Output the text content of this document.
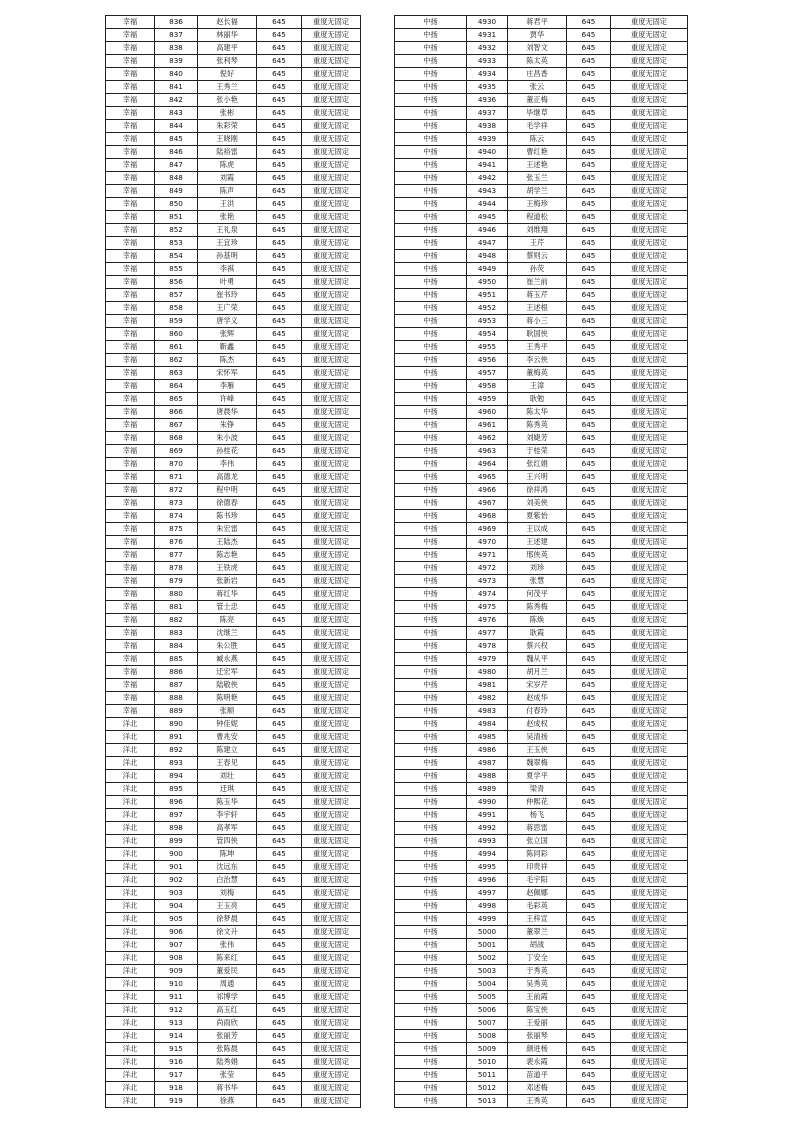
幸福	836	赵长福	645	重度无固定
幸福	837	林丽华	645	重度无固定
幸福	838	高建平	645	重度无固定
幸福	839	张利琴	645	重度无固定
幸福	840	倪好	645	重度无固定
幸福	841	王秀兰	645	重度无固定
幸福	842	张小艳	645	重度无固定
幸福	843	张彬	645	重度无固定
幸福	844	朱彩荣	645	重度无固定
幸福	845	王晓刚	645	重度无固定
幸福	846	陆裕雷	645	重度无固定
幸福	847	陈虎	645	重度无固定
幸福	848	刘霞	645	重度无固定
幸福	849	陈声	645	重度无固定
幸福	850	王洪	645	重度无固定
幸福	851	张艳	645	重度无固定
幸福	852	王礼泉	645	重度无固定
幸福	853	王宜珍	645	重度无固定
幸福	854	孙基明	645	重度无固定
幸福	855	李祺	645	重度无固定
幸福	856	叶勇	645	重度无固定
幸福	857	崔书玲	645	重度无固定
幸福	858	王广荣	645	重度无固定
幸福	859	唐学义	645	重度无固定
幸福	860	张辉	645	重度无固定
幸福	861	靳鑫	645	重度无固定
幸福	862	陈杰	645	重度无固定
幸福	863	宋怀军	645	重度无固定
幸福	864	李雁	645	重度无固定
幸福	865	许峰	645	重度无固定
幸福	866	唐晨华	645	重度无固定
幸福	867	朱铮	645	重度无固定
幸福	868	朱小波	645	重度无固定
幸福	869	孙桂花	645	重度无固定
幸福	870	李伟	645	重度无固定
幸福	871	高德龙	645	重度无固定
幸福	872	程中明	645	重度无固定
幸福	873	徐德春	645	重度无固定
幸福	874	陈书珍	645	重度无固定
幸福	875	朱宏雷	645	重度无固定
幸福	876	王陆杰	645	重度无固定
幸福	877	陈志艳	645	重度无固定
幸福	878	王铁虎	645	重度无固定
幸福	879	张新岩	645	重度无固定
幸福	880	蒋红华	645	重度无固定
幸福	881	管士忠	645	重度无固定
幸福	882	陈亮	645	重度无固定
幸福	883	沈继兰	645	重度无固定
幸福	884	朱公胜	645	重度无固定
幸福	885	臧永燕	645	重度无固定
幸福	886	迁宏军	645	重度无固定
幸福	887	陆敬侠	645	重度无固定
幸福	888	陈明艳	645	重度无固定
幸福	889	张顺	645	重度无固定
洋北	890	钟佳妮	645	重度无固定
洋北	891	曹兆安	645	重度无固定
洋北	892	陈建立	645	重度无固定
洋北	893	王春见	645	重度无固定
洋北	894	刘壮	645	重度无固定
洋北	895	迁琪	645	重度无固定
洋北	896	陈玉华	645	重度无固定
洋北	897	李宇轩	645	重度无固定
洋北	898	高孝军	645	重度无固定
洋北	899	管四侠	645	重度无固定
洋北	900	陈坤	645	重度无固定
洋北	901	沈远东	645	重度无固定
洋北	902	白治慧	645	重度无固定
洋北	903	刘梅	645	重度无固定
洋北	904	王玉亮	645	重度无固定
洋北	905	徐梦晨	645	重度无固定
洋北	906	徐文升	645	重度无固定
洋北	907	张伟	645	重度无固定
洋北	908	陈来红	645	重度无固定
洋北	909	董爱民	645	重度无固定
洋北	910	周通	645	重度无固定
洋北	911	祁博学	645	重度无固定
洋北	912	高玉红	645	重度无固定
洋北	913	尚雨欣	645	重度无固定
洋北	914	张丽芳	645	重度无固定
洋北	915	张陈晨	645	重度无固定
洋北	916	陆秀娟	645	重度无固定
洋北	917	张莹	645	重度无固定
洋北	918	蒋书华	645	重度无固定
洋北	919	徐燕	645	重度无固定
中扬	4930	蒋君平	645	重度无固定
中扬	4931	贾华	645	重度无固定
中扬	4932	刘智文	645	重度无固定
中扬	4933	陈太英	645	重度无固定
中扬	4934	庄昌香	645	重度无固定
中扬	4935	张云	645	重度无固定
中扬	4936	董正梅	645	重度无固定
中扬	4937	毕继草	645	重度无固定
中扬	4938	毛学祥	645	重度无固定
中扬	4939	陈云	645	重度无固定
中扬	4940	曹红艳	645	重度无固定
中扬	4941	王述艳	645	重度无固定
中扬	4942	张玉兰	645	重度无固定
中扬	4943	胡学兰	645	重度无固定
中扬	4944	王梅珍	645	重度无固定
中扬	4945	程道松	645	重度无固定
中扬	4946	刘维翔	645	重度无固定
中扬	4947	王芹	645	重度无固定
中扬	4948	蔡则云	645	重度无固定
中扬	4949	孙荧	645	重度无固定
中扬	4950	崔兰前	645	重度无固定
中扬	4951	蒋玉芹	645	重度无固定
中扬	4952	王述根	645	重度无固定
中扬	4953	蒋小三	645	重度无固定
中扬	4954	耿国侠	645	重度无固定
中扬	4955	王秀平	645	重度无固定
中扬	4956	李云侠	645	重度无固定
中扬	4957	董梅英	645	重度无固定
中扬	4958	王漳	645	重度无固定
中扬	4959	耿勉	645	重度无固定
中扬	4960	陈太华	645	重度无固定
中扬	4961	陈秀英	645	重度无固定
中扬	4962	刘婕芳	645	重度无固定
中扬	4963	于桂荣	645	重度无固定
中扬	4964	张红娟	645	重度无固定
中扬	4965	王兴明	645	重度无固定
中扬	4966	徐祥鸿	645	重度无固定
中扬	4967	刘美侠	645	重度无固定
中扬	4968	夏紫怡	645	重度无固定
中扬	4969	王以成	645	重度无固定
中扬	4970	王述建	645	重度无固定
中扬	4971	邢侠英	645	重度无固定
中扬	4972	刘珍	645	重度无固定
中扬	4973	张慧	645	重度无固定
中扬	4974	何茂平	645	重度无固定
中扬	4975	陈秀梅	645	重度无固定
中扬	4976	陈焕	645	重度无固定
中扬	4977	耿霞	645	重度无固定
中扬	4978	蔡兴权	645	重度无固定
中扬	4979	魏从平	645	重度无固定
中扬	4980	胡月兰	645	重度无固定
中扬	4981	宋岁芹	645	重度无固定
中扬	4982	赵成华	645	重度无固定
中扬	4983	付春玲	645	重度无固定
中扬	4984	赵成权	645	重度无固定
中扬	4985	吴清扬	645	重度无固定
中扬	4986	王玉侠	645	重度无固定
中扬	4987	魏翠梅	645	重度无固定
中扬	4988	夏学平	645	重度无固定
中扬	4989	梁青	645	重度无固定
中扬	4990	仲熙花	645	重度无固定
中扬	4991	杨飞	645	重度无固定
中扬	4992	蒋思雷	645	重度无固定
中扬	4993	张立国	645	重度无固定
中扬	4994	陈同彩	645	重度无固定
中扬	4995	印贵祥	645	重度无固定
中扬	4996	毛宇阳	645	重度无固定
中扬	4997	赵佩娜	645	重度无固定
中扬	4998	毛彩英	645	重度无固定
中扬	4999	王梓宣	645	重度无固定
中扬	5000	董翠兰	645	重度无固定
中扬	5001	胡战	645	重度无固定
中扬	5002	丁安全	645	重度无固定
中扬	5003	于秀英	645	重度无固定
中扬	5004	吴秀英	645	重度无固定
中扬	5005	王前霞	645	重度无固定
中扬	5006	陈宝侠	645	重度无固定
中扬	5007	王爱丽	645	重度无固定
中扬	5008	张丽琴	645	重度无固定
中扬	5009	颜进杨	645	重度无固定
中扬	5010	裴永霞	645	重度无固定
中扬	5011	苗道平	645	重度无固定
中扬	5012	邓述梅	645	重度无固定
中扬	5013	王秀英	645	重度无固定
